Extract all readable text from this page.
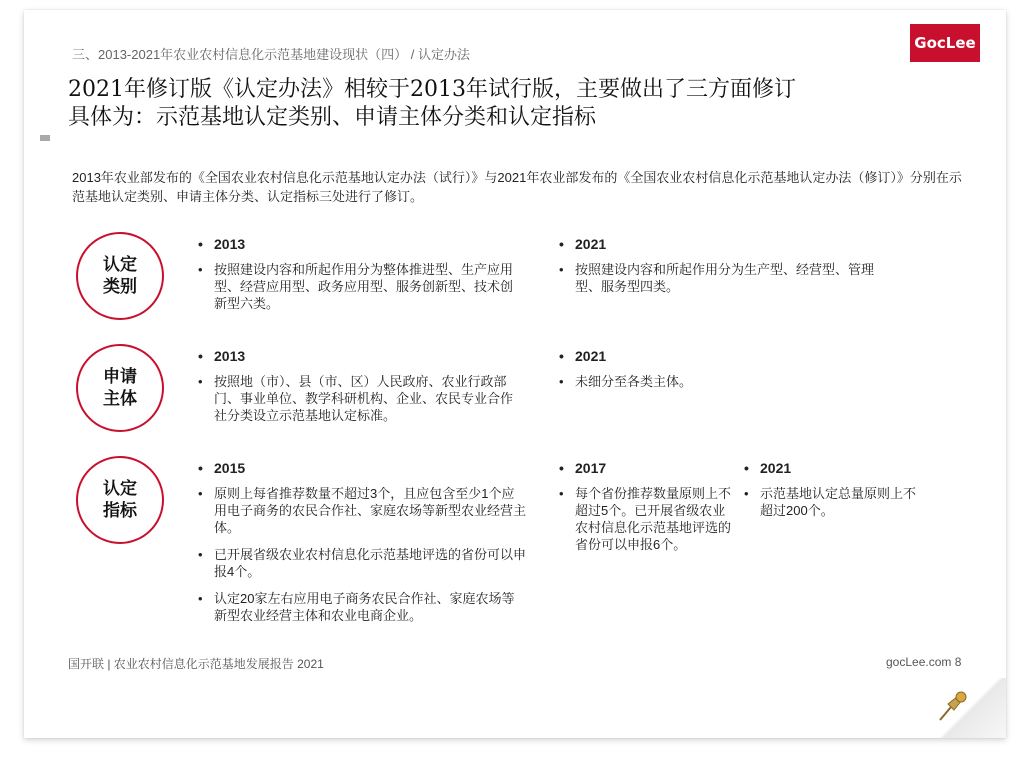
三、2013-2021年农业农村信息化示范基地建设现状（四） / 认定办法
GocLee
2021年修订版《认定办法》相较于2013年试行版，主要做出了三方面修订
具体为：示范基地认定类别、申请主体分类和认定指标
2013年农业部发布的《全国农业农村信息化示范基地认定办法（试行）》与2021年农业部发布的《全国农业农村信息化示范基地认定办法（修订）》分别在示范基地认定类别、申请主体分类、认定指标三处进行了修订。
认定
类别
• 2013
• 按照建设内容和所起作用分为整体推进型、生产应用型、经营应用型、政务应用型、服务创新型、技术创新型六类。
• 2021
• 按照建设内容和所起作用分为生产型、经营型、管理型、服务型四类。
申请
主体
• 2013
• 按照地（市）、县（市、区）人民政府、农业行政部门、事业单位、教学科研机构、企业、农民专业合作社分类设立示范基地认定标准。
• 2021
• 未细分至各类主体。
认定
指标
• 2015
• 原则上每省推荐数量不超过3个，且应包含至少1个应用电子商务的农民合作社、家庭农场等新型农业经营主体。
• 已开展省级农业农村信息化示范基地评选的省份可以申报4个。
• 认定20家左右应用电子商务农民合作社、家庭农场等新型农业经营主体和农业电商企业。
• 2017
• 每个省份推荐数量原则上不超过5个。已开展省级农业农村信息化示范基地评选的省份可以申报6个。
• 2021
• 示范基地认定总量原则上不超过200个。
国开联 | 农业农村信息化示范基地发展报告 2021	gocLee.com 8
